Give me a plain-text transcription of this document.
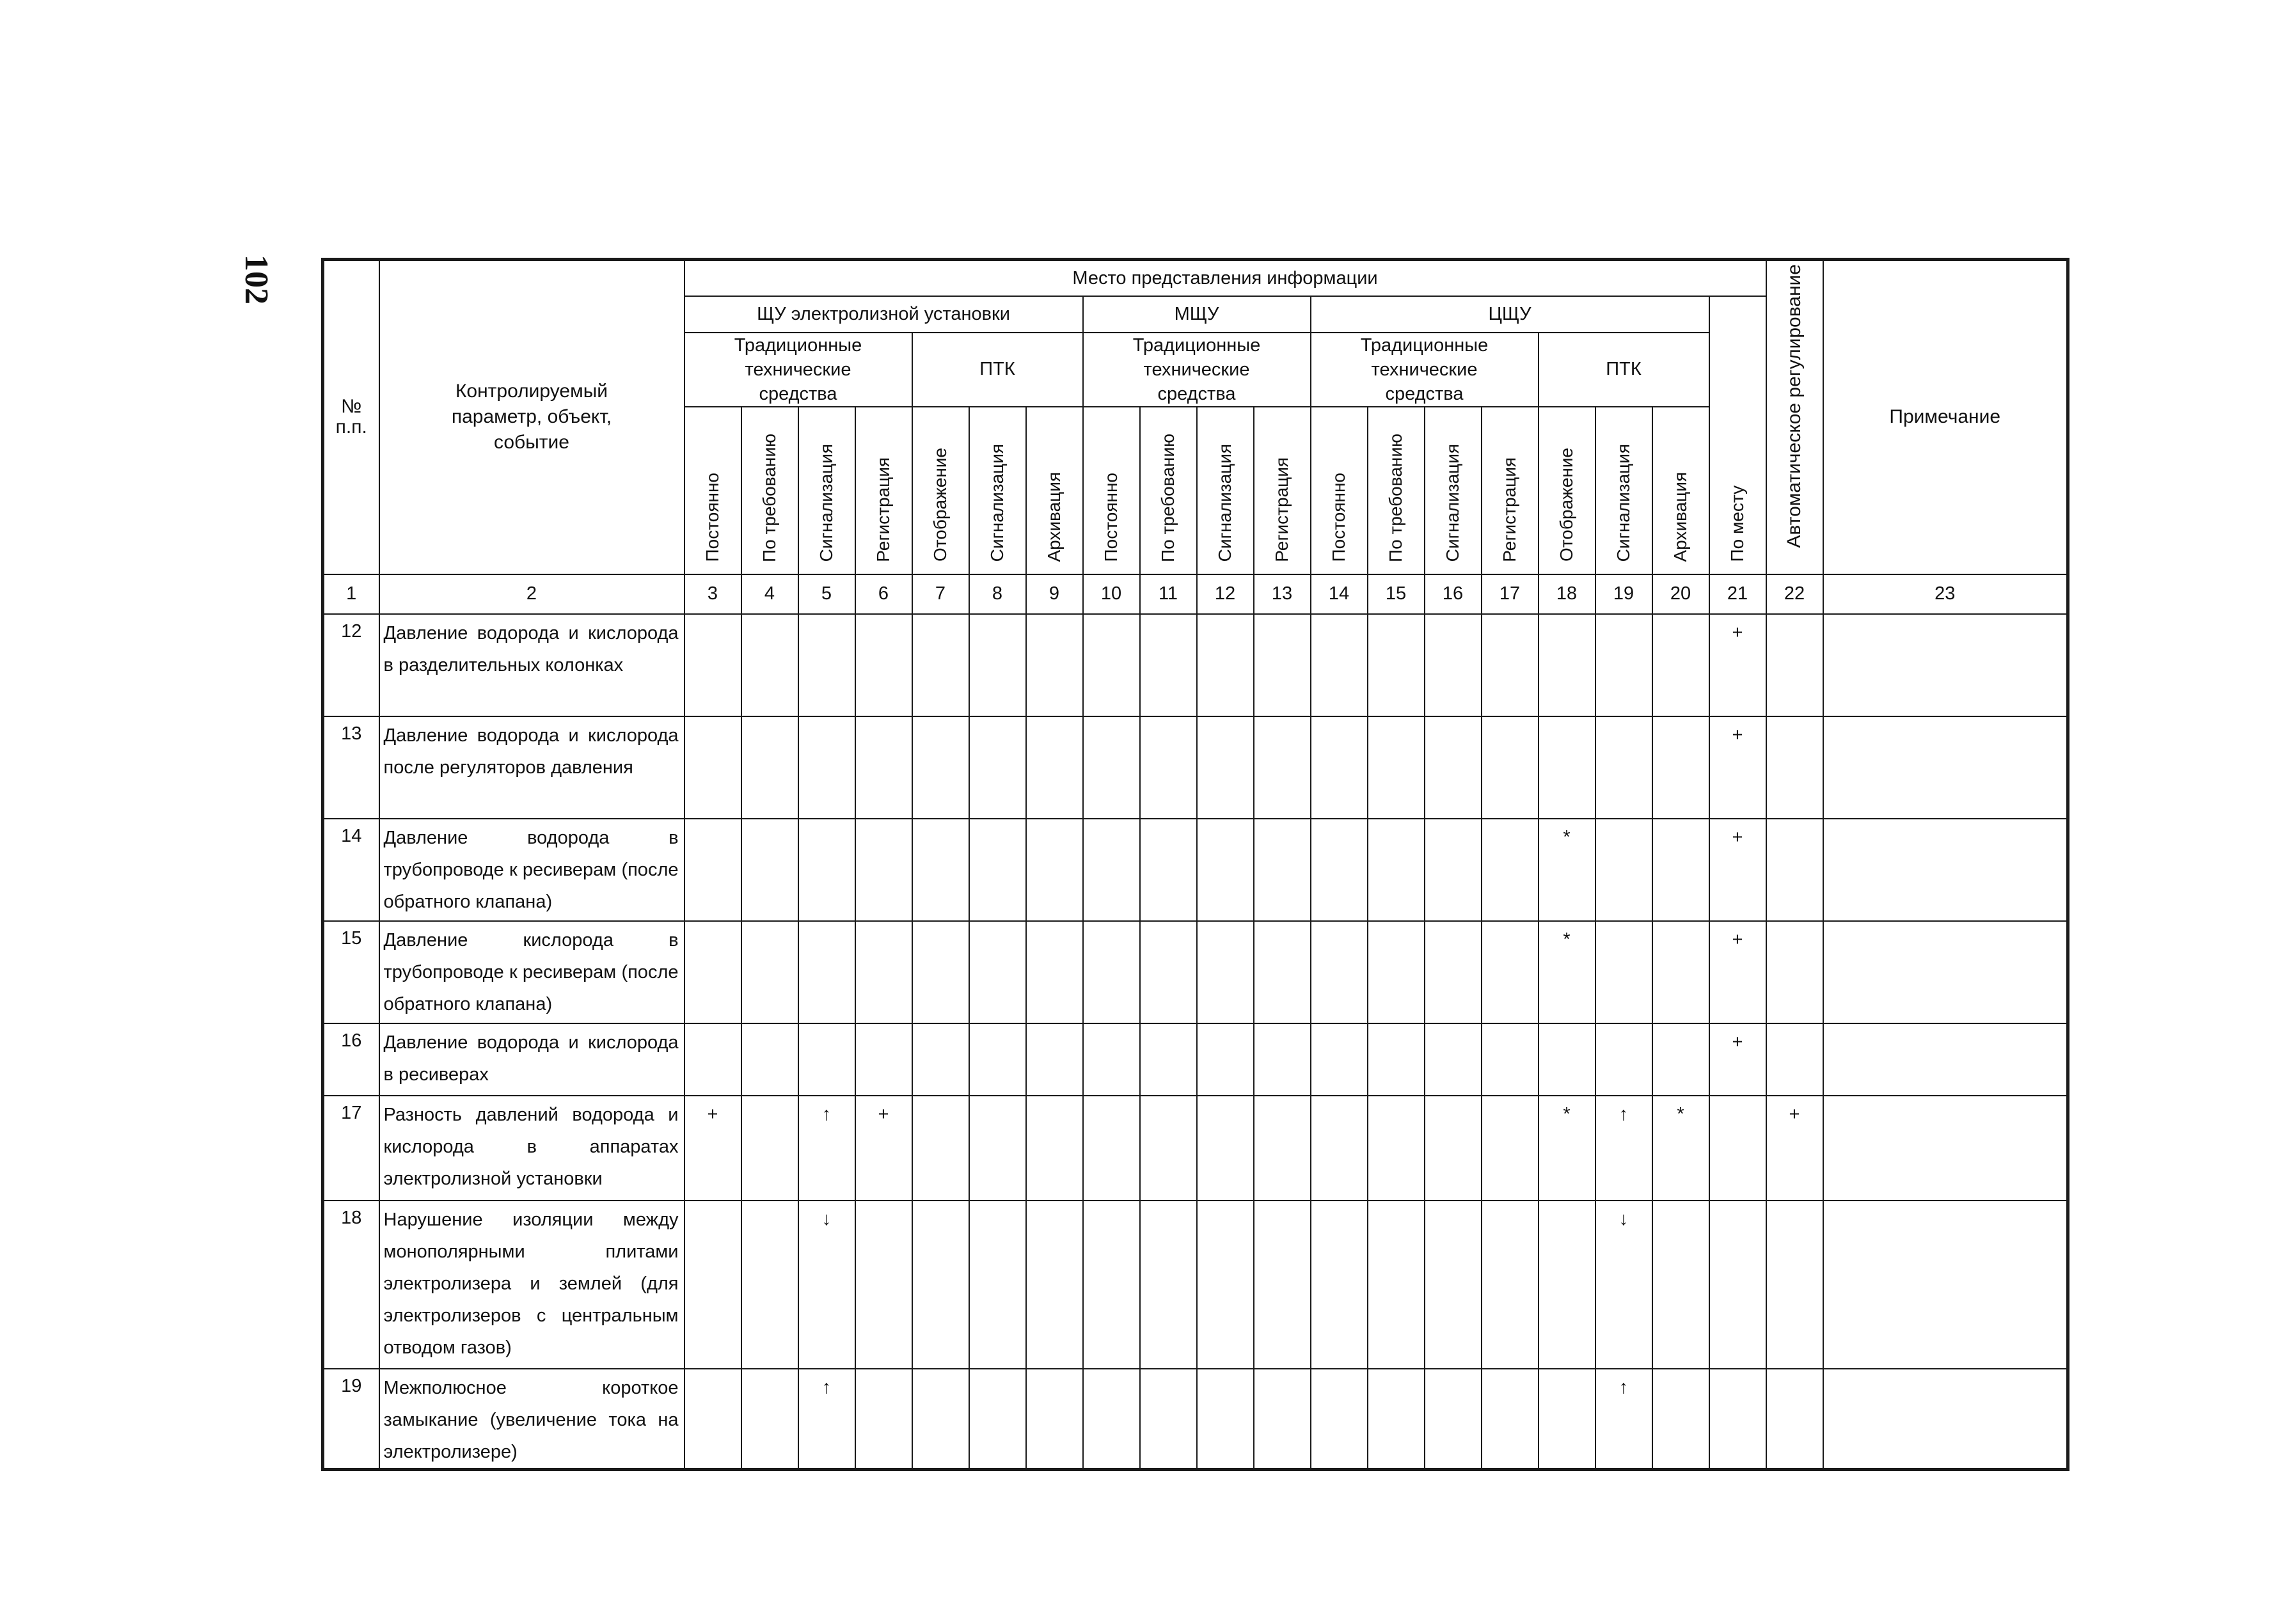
102
№ п.п.	Контролируемый параметр, объект, событие	Место представления информации																			Автоматическое регулирование	Примечание
		ЩУ электролизной установки							МЩУ				ЦЩУ							По месту		

		Традиционные технические средства				ПТК			Традиционные технические средства				Традиционные технические средства				ПТК					

		Постоянно	По требованию	Сигнализация	Регистрация	Отображение	Сигнализация	Архивация	Постоянно	По требованию	Сигнализация	Регистрация	Постоянно	По требованию	Сигнализация	Регистрация	Отображение	Сигнализация	Архивация			

1	2	3	4	5	6	7	8	9	10	11	12	13	14	15	16	17	18	19	20	21	22	23
12	Давление водорода и кислорода в разделительных колонках																			+		
13	Давление водорода и кислорода после регуляторов давления																			+		
14	Давление водорода в трубопроводе к ресиверам (после обратного клапана)																*			+		
15	Давление кислорода в трубопроводе к ресиверам (после обратного клапана)																*			+		
16	Давление водорода и кислорода в ресиверах																			+		
17	Разность давлений водорода и кислорода в аппаратах электролизной установки	+		↑	+												*	↑	*		+	
18	Нарушение изоляции между монополярными плитами электролизера и землей (для электролизеров с центральным отводом газов)			↓														↓				
19	Межполюсное короткое замыкание (увеличение тока на электролизере)			↑														↑				
